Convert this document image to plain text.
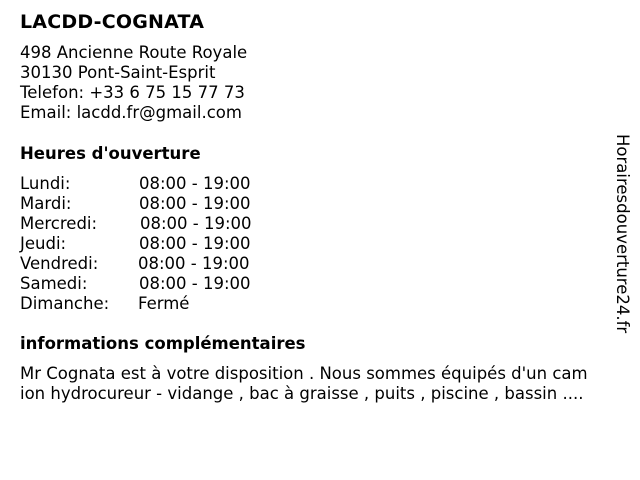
LACDD-COGNATA
498 Ancienne Route Royale
30130 Pont-Saint-Esprit
Telefon: +33 6 75 15 77 73
Email: lacdd.fr@gmail.com
Heures d'ouverture
Lundi:	08:00 - 19:00
Mardi:	08:00 - 19:00
Mercredi:	08:00 - 19:00
Jeudi:	08:00 - 19:00
Vendredi: 08:00 - 19:00
Samedi:	08:00 - 19:00
Dimanche: Fermé
informations complémentaires
Mr Cognata est à votre disposition . Nous sommes équipés d'un cam
ion hydrocureur - vidange , bac à graisse , puits , piscine , bassin ....
Horairesdouverture24.fr
